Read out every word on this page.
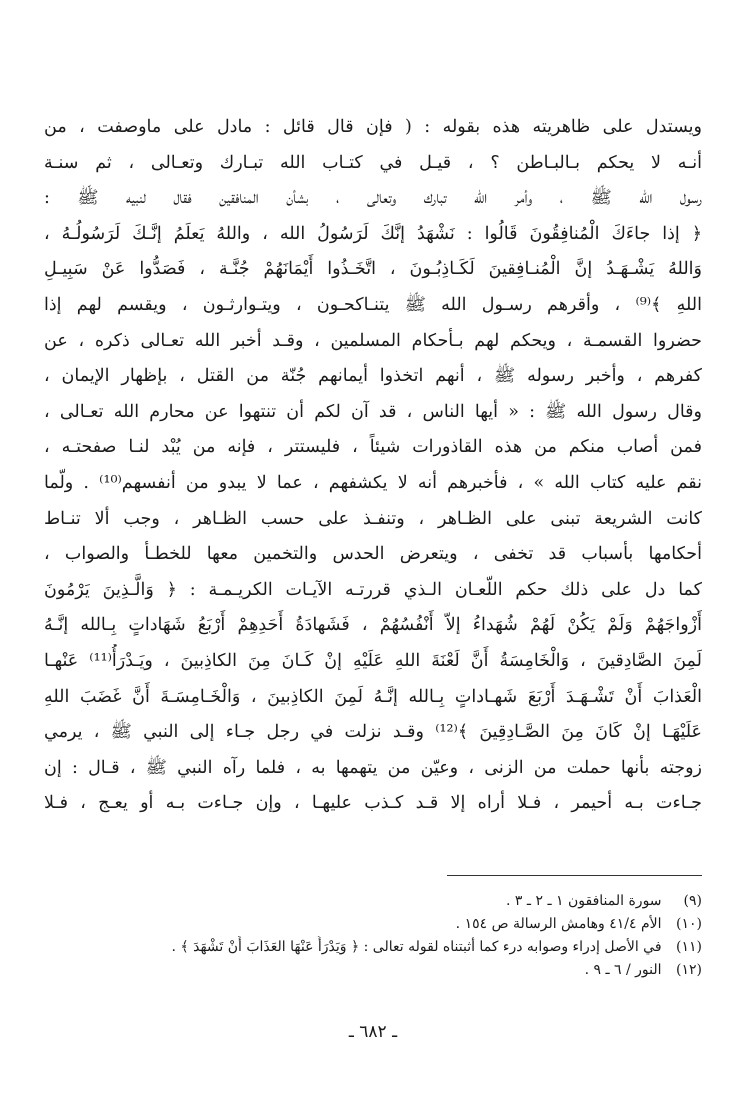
ويستدل على ظاهريته هذه بقوله : ( فإن قال قائل : مادل على ماوصفت ، من
أنـه لا يحكم بـالبـاطن ؟ ، قيـل في كتـاب الله تبـارك وتعـالى ، ثم سنـة
رسول الله ﷺ ، وأمر الله تبارك وتعالى ، بشأن المنافقين فقال لنبيه ﷺ :
﴿ إذا جاءَكَ الْمُنافِقُونَ قَالُوا : نَشْهَدُ إنَّكَ لَرَسُولُ الله ، واللهُ يَعلَمُ إنَّـكَ لَرَسُولُـهُ ،
وَاللهُ يَشْـهَـدُ إنَّ الْمُنـافِقينَ لَكَـاذِبُـونَ ، اتَّخَـذُوا أَيْمَانَهُمْ جُنَّـة ، فَصَدُّوا عَنْ سَبِيـلِ
اللهِ ﴾⁽⁹⁾ ، وأقرهم رسـول الله ﷺ يتنـاكحـون ، ويتـوارثـون ، ويقسم لهم إذا
حضروا القسمـة ، ويحكم لهم بـأحكام المسلمين ، وقـد أخبر الله تعـالى ذكره ، عن
كفرهم ، وأخبر رسوله ﷺ ، أنهم اتخذوا أيمانهم جُنّة من القتل ، بإظهار الإيمان ،
وقال رسول الله ﷺ : « أيها الناس ، قد آن لكم أن تنتهوا عن محارم الله تعـالى ،
فمن أصاب منكم من هذه القاذورات شيئاً ، فليستتر ، فإنه من يُبْد لنـا صفحتـه ،
نقم عليه كتاب الله » ، فأخبرهم أنه لا يكشفهم ، عما لا يبدو من أنفسهم⁽¹⁰⁾ . ولّما
كانت الشريعة تبنى على الظـاهر ، وتنفـذ على حسب الظـاهر ، وجب ألا تنـاط
أحكامها بأسباب قد تخفى ، ويتعرض الحدس والتخمين معها للخطـأ والصواب ،
كما دل على ذلك حكم اللّعـان الـذي قررتـه الآيـات الكريـمـة : ﴿ وَالَّـذِينَ يَرْمُونَ
أَزْواجَهُمْ وَلَمْ يَكُنْ لَهُمْ شُهَداءُ إلاّ أَنْفُسُهُمْ ، فَشَهادَةُ أَحَدِهِمْ أَرْبَعُ شَهَاداتٍ بِـالله إنَّـهُ
لَمِنَ الصَّادِقينَ ، وَالْخَامِسَةُ أَنَّ لَعْنَةَ اللهِ عَلَيْهِ إنْ كَـانَ مِنَ الكاذِبينَ ، ويَـدْرَأُ⁽¹¹⁾ عَنْهـا
الْعَذابَ أَنْ تَشْـهَـدَ أَرْبَعَ شَهـاداتٍ بِـالله إنَّـهُ لَمِنَ الكاذِبينَ ، وَالْخَـامِسَـةَ أَنَّ غَضَبَ اللهِ
عَلَيْهَـا إنْ كَانَ مِنَ الصَّـادِقِينَ ﴾⁽¹²⁾ وقـد نزلت في رجل جـاء إلى النبي ﷺ ، يرمي
زوجته بأنها حملت من الزنى ، وعيّن من يتهمها به ، فلما رآه النبي ﷺ ، قـال : إن
جـاءت بـه أحيمر ، فـلا أراه إلا قـد كـذب عليهـا ، وإن جـاءت بـه أو يعـج ، فـلا
(٩) سورة المنافقون ١ ـ ٢ ـ ٣ .
(١٠) الأم ٤١/٤ وهامش الرسالة ص ١٥٤ .
(١١) في الأصل إدراء وصوابه درء كما أثبتناه لقوله تعالى : ﴿ وَيَدْرَأُ عَنْهَا العَذَابَ أَنْ تَشْهَدَ ﴾ .
(١٢) النور / ٦ ـ ٩ .
ـ ٦٨٢ ـ
